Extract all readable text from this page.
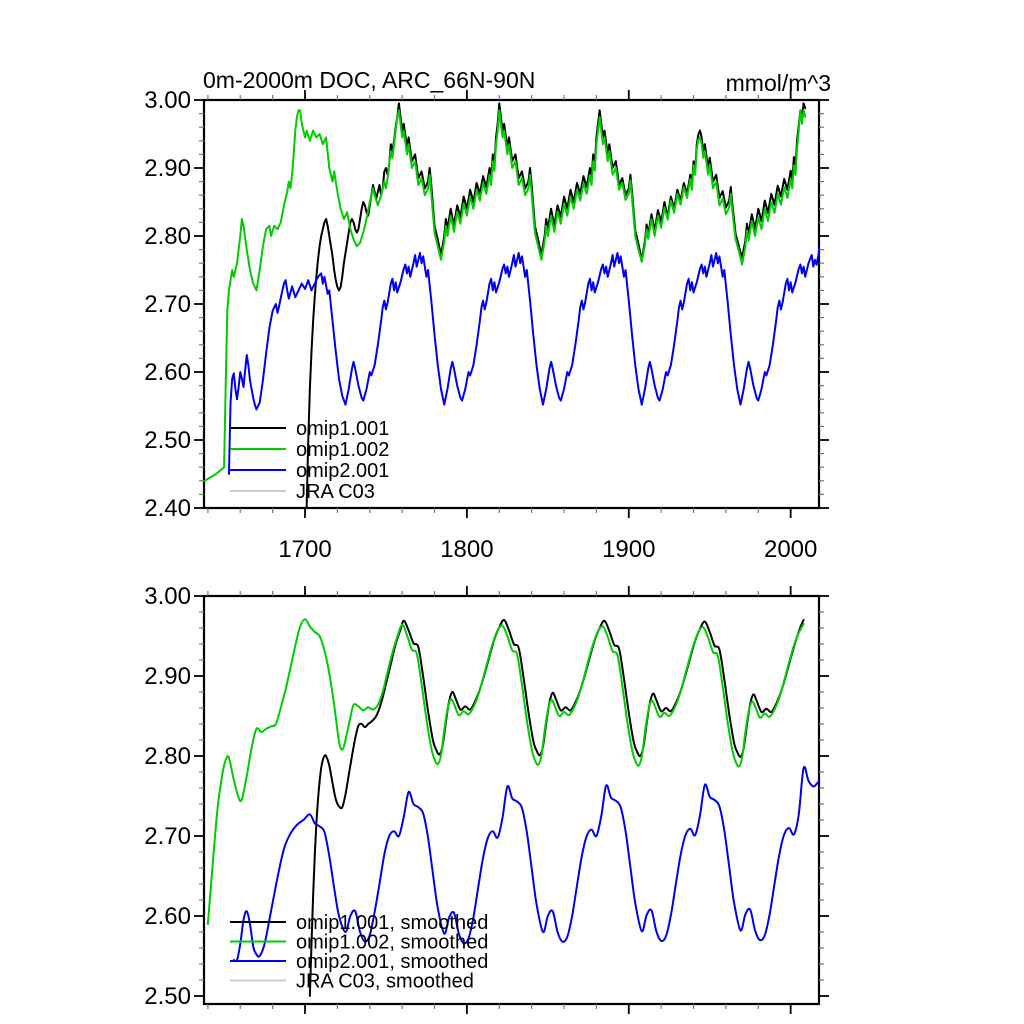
0m-2000m DOC, ARC_66N-90N	mmol/m^3
3.00
2.90
2.80
2.70
2.60
2.50
2.40
1700	1800	1900	2000
omip1.001
omip1.002
omip2.001
JRA C03
3.00
2.90
2.80
2.70
2.60
2.50
omip1.001, smoothed
omip1.002, smoothed
omip2.001, smoothed
JRA C03, smoothed
